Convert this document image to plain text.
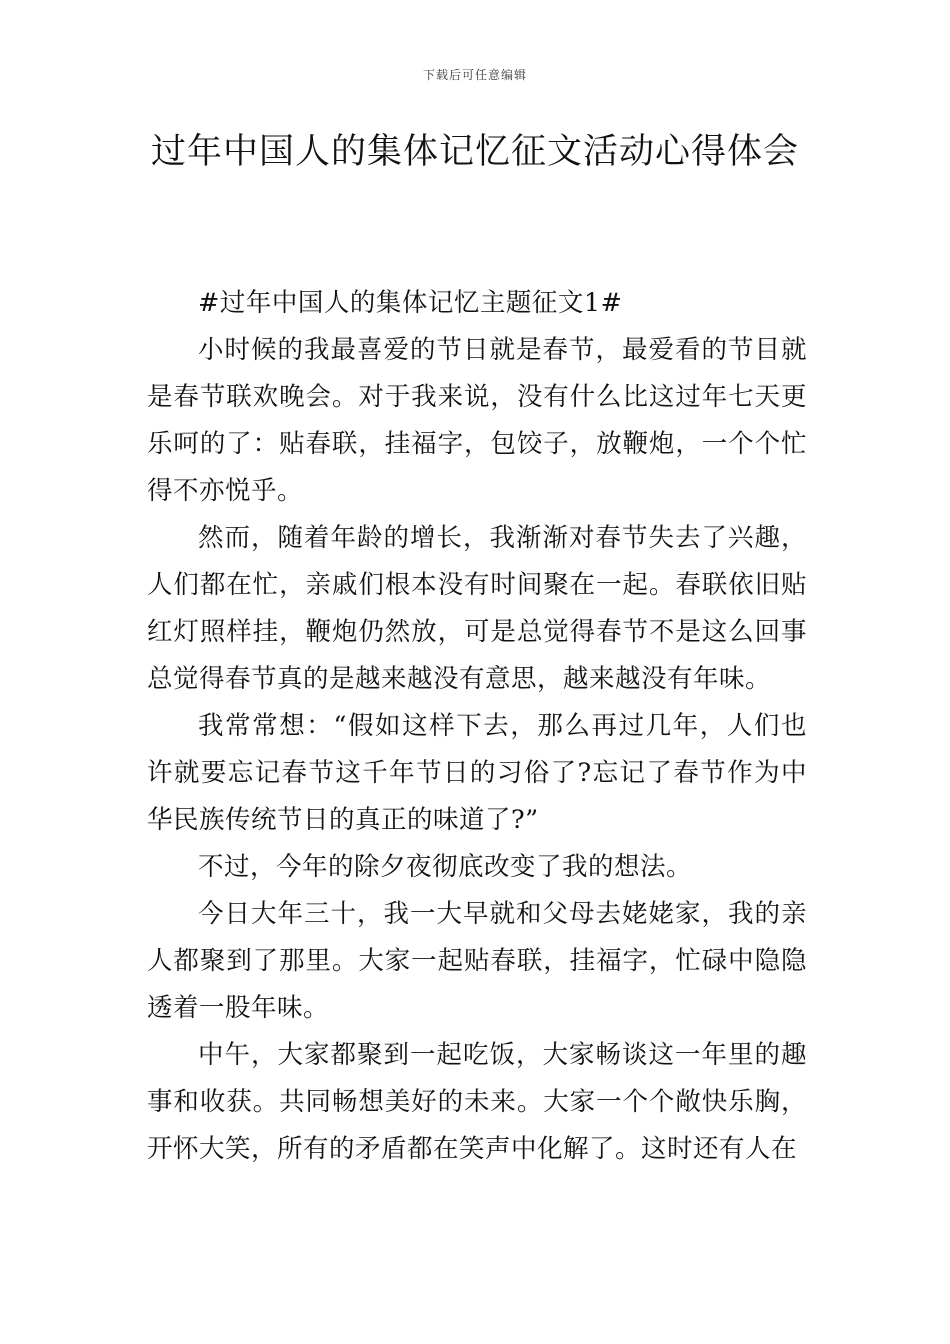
下载后可任意编辑
过年中国人的集体记忆征文活动心得体会

#过年中国人的集体记忆主题征文1#

小时候的我最喜爱的节日就是春节，最爱看的节目就是春节联欢晚会。对于我来说，没有什么比这过年七天更乐呵的了：贴春联，挂福字，包饺子，放鞭炮，一个个忙得不亦悦乎。

然而，随着年龄的增长，我渐渐对春节失去了兴趣，人们都在忙，亲戚们根本没有时间聚在一起。春联依旧贴红灯照样挂，鞭炮仍然放，可是总觉得春节不是这么回事总觉得春节真的是越来越没有意思，越来越没有年味。

我常常想：“假如这样下去，那么再过几年，人们也许就要忘记春节这千年节日的习俗了?忘记了春节作为中华民族传统节日的真正的味道了?”

不过，今年的除夕夜彻底改变了我的想法。

今日大年三十，我一大早就和父母去姥姥家，我的亲人都聚到了那里。大家一起贴春联，挂福字，忙碌中隐隐透着一股年味。

中午，大家都聚到一起吃饭，大家畅谈这一年里的趣事和收获。共同畅想美好的未来。大家一个个敞快乐胸，开怀大笑，所有的矛盾都在笑声中化解了。这时还有人在
